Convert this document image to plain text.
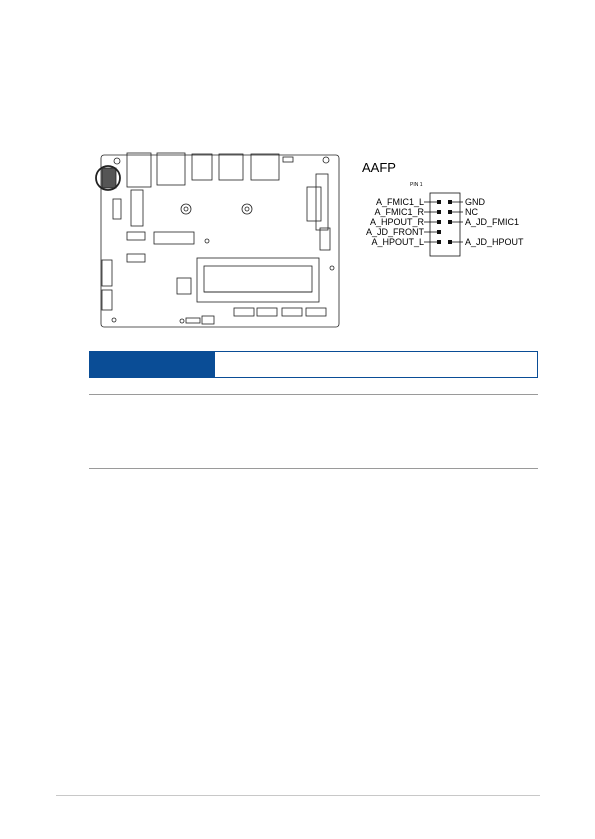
AAFP
PIN 1
A_FMIC1_L
A_FMIC1_R
A_HPOUT_R
A_JD_FRONT
A_HPOUT_L
GND
NC
A_JD_FMIC1
A_JD_HPOUT
